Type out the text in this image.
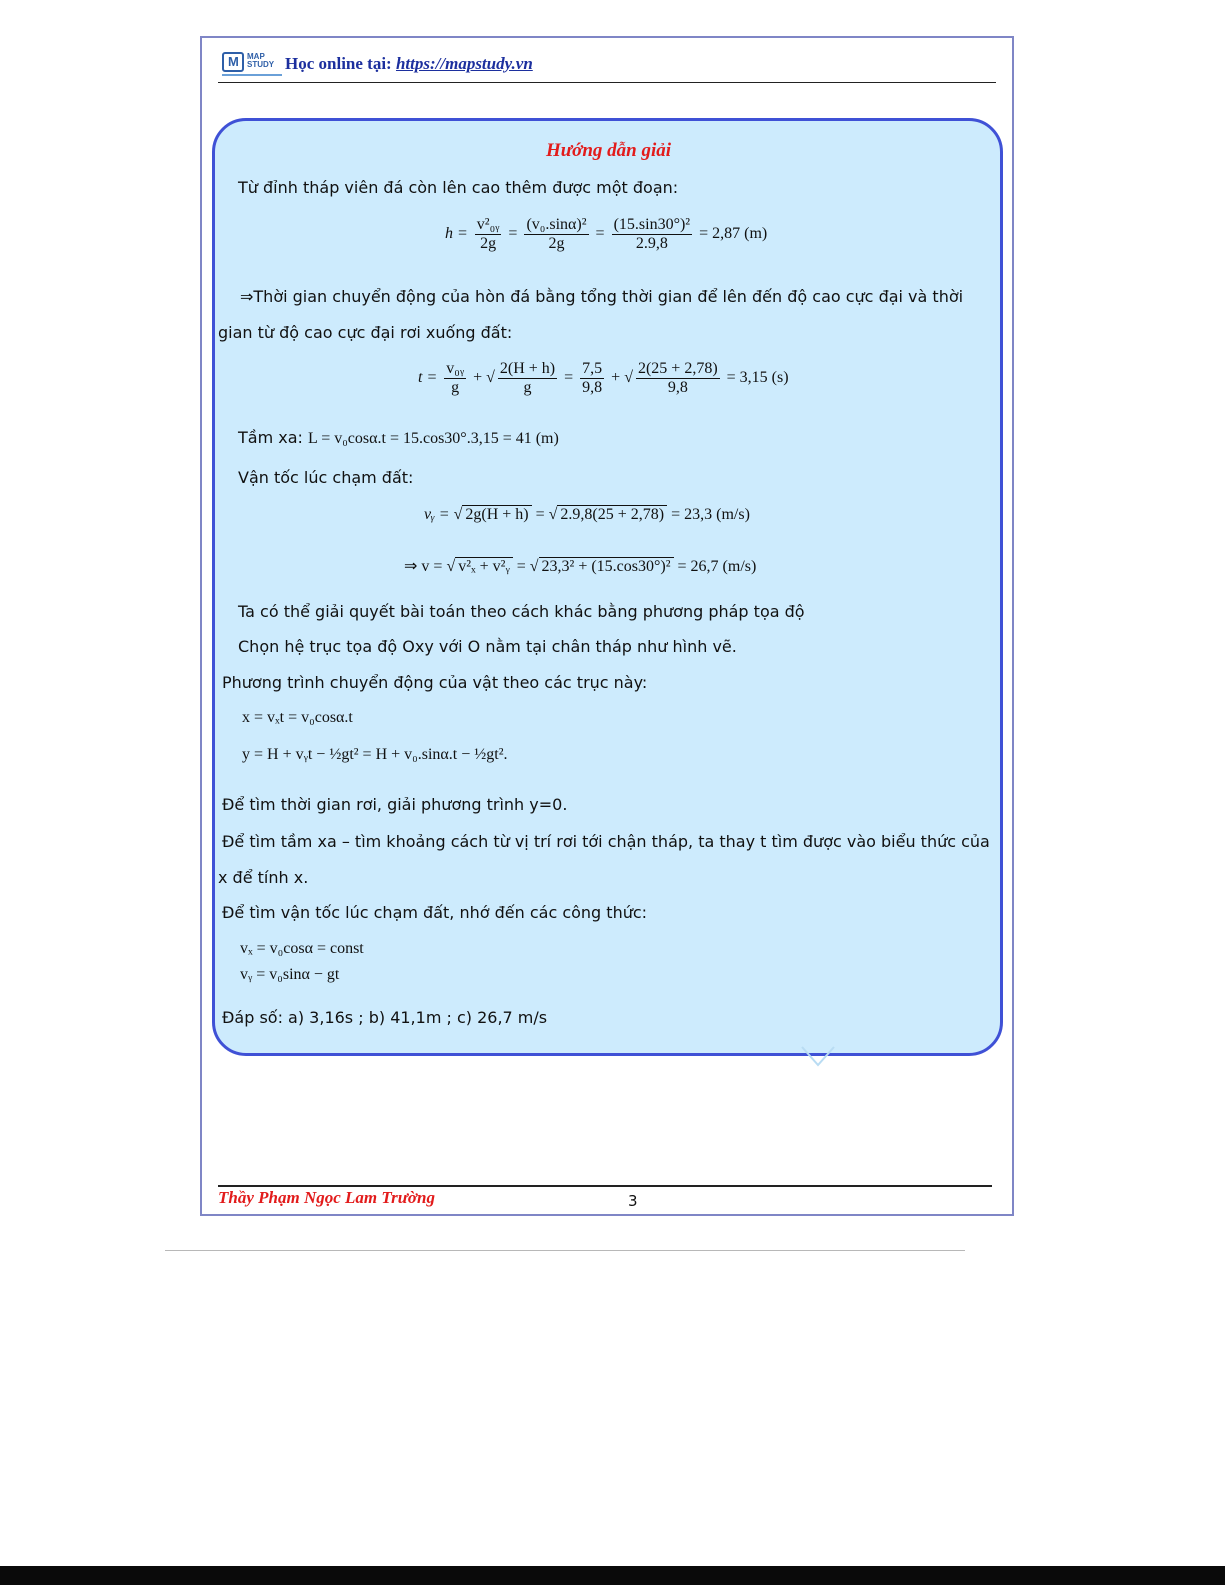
M
MAP STUDY Học online tại: https://mapstudy.vn
Hướng dẫn giải
Từ đỉnh tháp viên đá còn lên cao thêm được một đoạn:
$h = \frac{\text{v²₀ᵧ}}{2g} = \frac{\text{(v₀.sinα)²}}{2g} = \frac{\text{(15.sin30°)²}}{2.9,8} = 2,87$ (m)
⇒Thời gian chuyển động của hòn đá bằng tổng thời gian để lên đến độ cao cực đại và thời
gian từ độ cao cực đại rơi xuống đất:
$t = \frac{\text{v₀ᵧ}}{g}$ + √ $\frac{2(H + h)}{g} = \frac{7,5}{9,8}$ + √ $\frac{2(25 + 2,78)}{9,8} = 3,15$ (s)
Tầm xa: L = v₀cosα.t = 15.cos30°.3,15 = 41 (m)
Vận tốc lúc chạm đất:
vᵧ = √ 2g(H + h) = √ 2.9,8(25 + 2,78) = 23,3 (m/s)
⇒ v = √ v²ₓ + v²ᵧ = √ 23,3² + (15.cos30°)² = 26,7 (m/s)
Ta có thể giải quyết bài toán theo cách khác bằng phương pháp tọa độ
Chọn hệ trục tọa độ Oxy với O nằm tại chân tháp như hình vẽ.
Phương trình chuyển động của vật theo các trục này:
x = vₓt = v₀cosα.t
y = H + vᵧt − ½gt² = H + v₀.sinα.t − ½gt².
Để tìm thời gian rơi, giải phương trình y=0.
Để tìm tầm xa – tìm khoảng cách từ vị trí rơi tới chận tháp, ta thay t tìm được vào biểu thức của
x để tính x.
Để tìm vận tốc lúc chạm đất, nhớ đến các công thức:
vₓ = v₀cosα = const
vᵧ = v₀sinα − gt
Đáp số: a) 3,16s ; b) 41,1m ; c) 26,7 m/s
Thầy Phạm Ngọc Lam Trường	3
